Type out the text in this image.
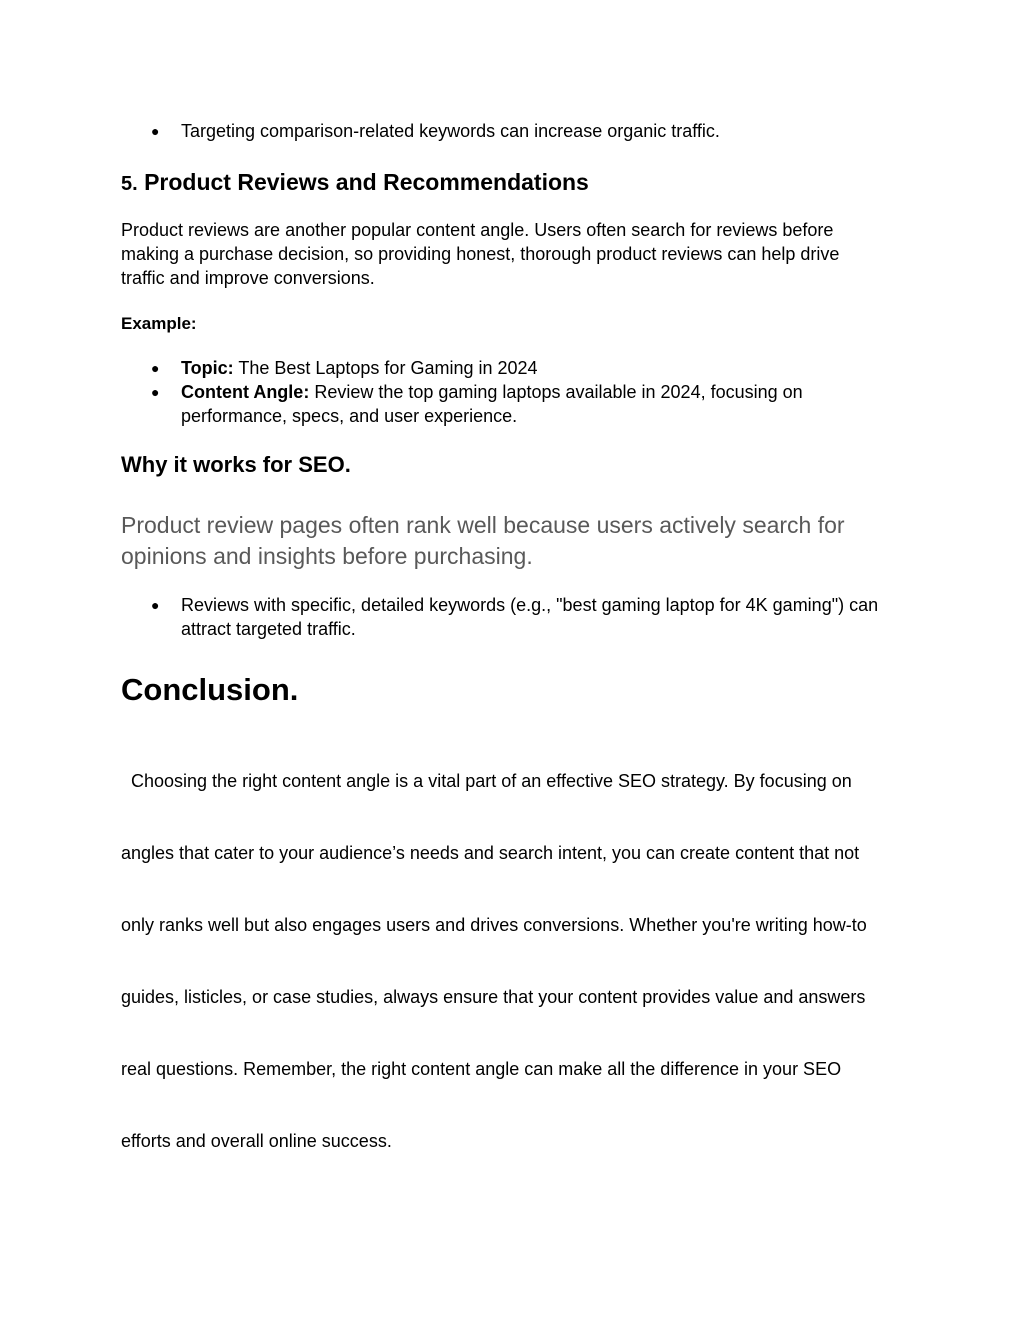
● Targeting comparison-related keywords can increase organic traffic.
5. Product Reviews and Recommendations
Product reviews are another popular content angle. Users often search for reviews before
making a purchase decision, so providing honest, thorough product reviews can help drive
traffic and improve conversions.
Example:
● Topic: The Best Laptops for Gaming in 2024
● Content Angle: Review the top gaming laptops available in 2024, focusing on
performance, specs, and user experience.
Why it works for SEO.
Product review pages often rank well because users actively search for
opinions and insights before purchasing.
● Reviews with specific, detailed keywords (e.g., "best gaming laptop for 4K gaming") can
attract targeted traffic.
Conclusion.

Choosing the right content angle is a vital part of an effective SEO strategy. By focusing on

angles that cater to your audience’s needs and search intent, you can create content that not

only ranks well but also engages users and drives conversions. Whether you're writing how-to

guides, listicles, or case studies, always ensure that your content provides value and answers

real questions. Remember, the right content angle can make all the difference in your SEO

efforts and overall online success.
